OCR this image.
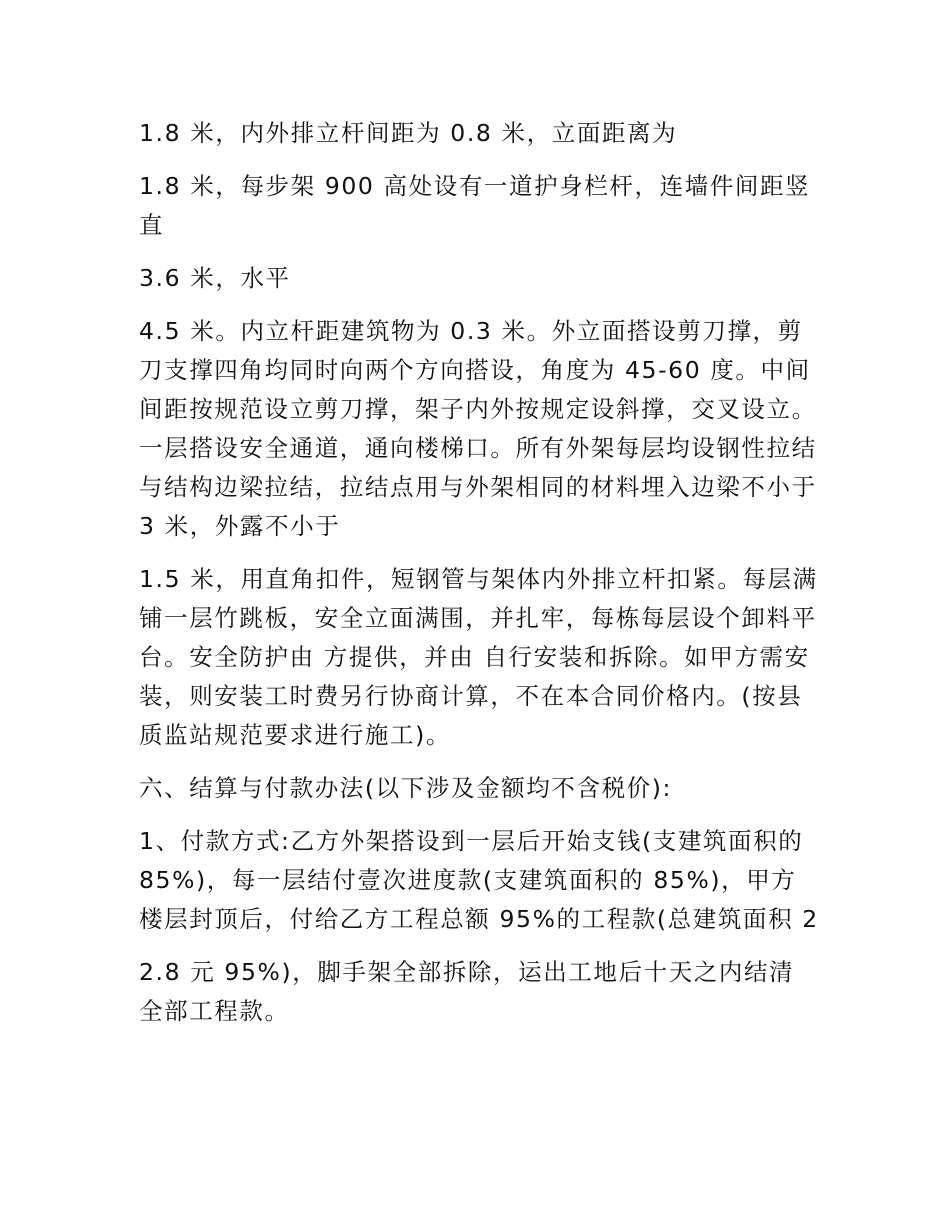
1.8 米，内外排立杆间距为 0.8 米，立面距离为

1.8 米，每步架 900 高处设有一道护身栏杆，连墙件间距竖直

3.6 米，水平

4.5 米。内立杆距建筑物为 0.3 米。外立面搭设剪刀撑，剪刀支撑四角均同时向两个方向搭设，角度为 45-60 度。中间间距按规范设立剪刀撑，架子内外按规定设斜撑，交叉设立。一层搭设安全通道，通向楼梯口。所有外架每层均设钢性拉结与结构边梁拉结，拉结点用与外架相同的材料埋入边梁不小于 3 米，外露不小于

1.5 米，用直角扣件，短钢管与架体内外排立杆扣紧。每层满铺一层竹跳板，安全立面满围，并扎牢，每栋每层设个卸料平台。安全防护由 方提供，并由 自行安装和拆除。如甲方需安装，则安装工时费另行协商计算，不在本合同价格内。(按县质监站规范要求进行施工)。

六、结算与付款办法(以下涉及金额均不含税价):

1、付款方式:乙方外架搭设到一层后开始支钱(支建筑面积的 85%)，每一层结付壹次进度款(支建筑面积的 85%)，甲方楼层封顶后，付给乙方工程总额 95%的工程款(总建筑面积 2

2.8 元 95%)，脚手架全部拆除，运出工地后十天之内结清全部工程款。
